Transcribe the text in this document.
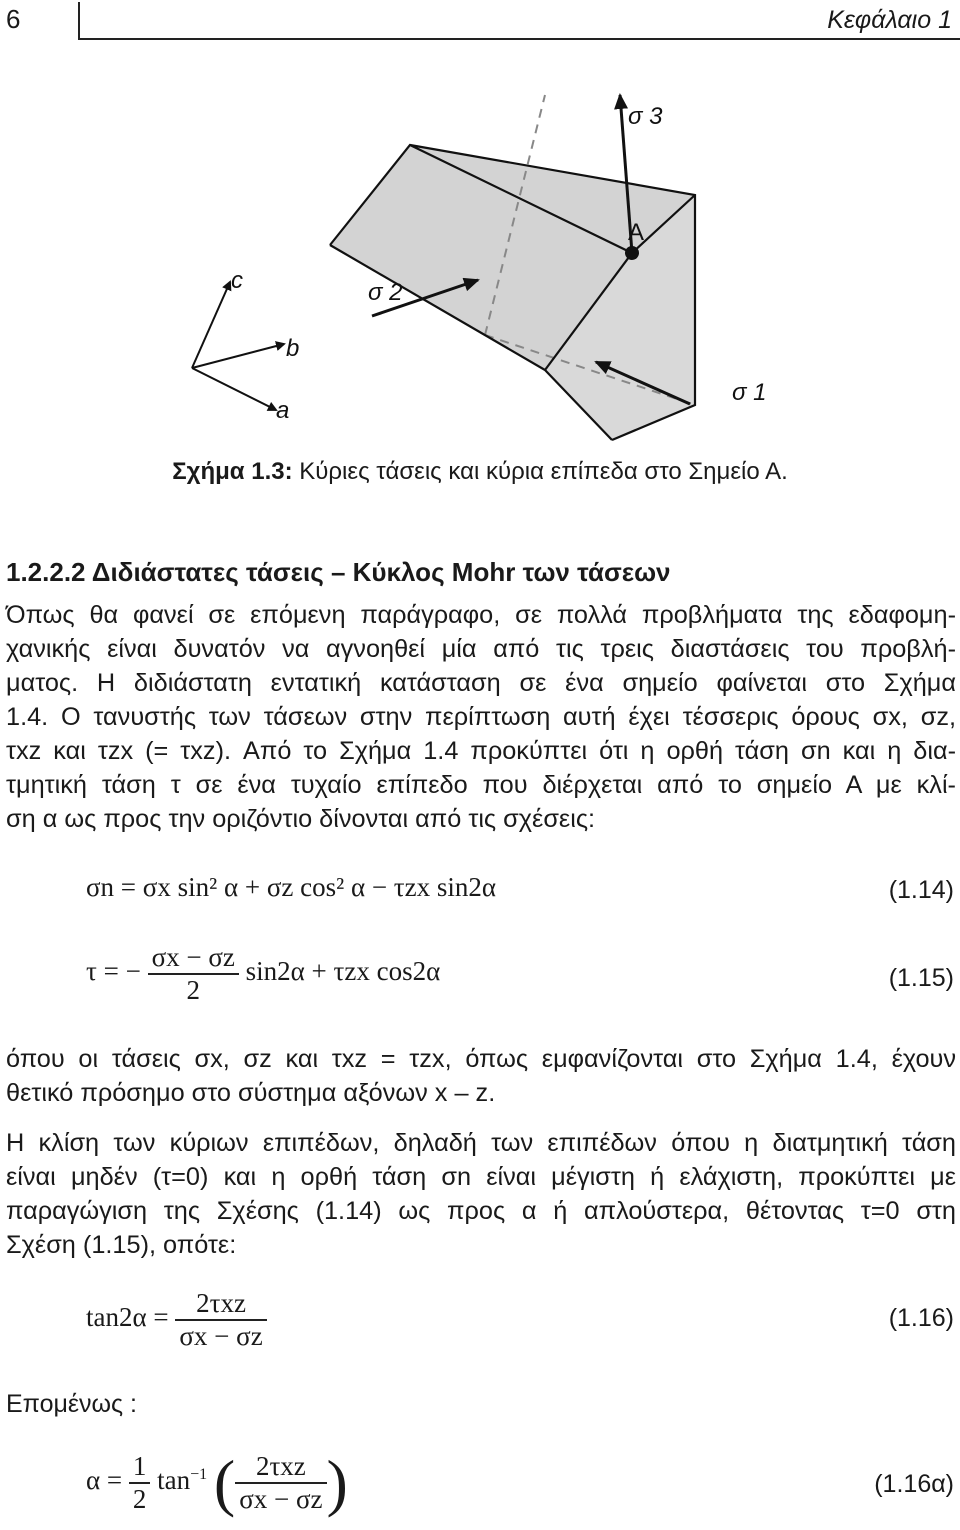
6	Κεφάλαιο 1
σ 3
A
c	σ 2
b
a
σ 1
Σχήμα 1.3: Κύριες τάσεις και κύρια επίπεδα στο Σημείο Α.
1.2.2.2 Διδιάστατες τάσεις – Κύκλος Mohr των τάσεων
Όπως θα φανεί σε επόμενη παράγραφο, σε πολλά προβλήματα της εδαφομη-
χανικής είναι δυνατόν να αγνοηθεί μία από τις τρεις διαστάσεις του προβλή-
ματος. Η διδιάστατη εντατική κατάσταση σε ένα σημείο φαίνεται στο Σχήμα
1.4. Ο τανυστής των τάσεων στην περίπτωση αυτή έχει τέσσερις όρους σx, σz,
τxz και τzx (= τxz). Από το Σχήμα 1.4 προκύπτει ότι η ορθή τάση σn και η δια-
τμητική τάση τ σε ένα τυχαίο επίπεδο που διέρχεται από το σημείο Α με κλί-
ση α ως προς την οριζόντιο δίνονται από τις σχέσεις:
σn = σx sin² α + σz cos² α − τzx sin2α	(1.14)
τ = − $\frac{\sigma x - \sigma z}{2} \sin 2\alpha + \tau zx$ cos2α	(1.15)
όπου οι τάσεις σx, σz και τxz = τzx, όπως εμφανίζονται στο Σχήμα 1.4, έχουν
θετικό πρόσημο στο σύστημα αξόνων x – z.
Η κλίση των κύριων επιπέδων, δηλαδή των επιπέδων όπου η διατμητική τάση
είναι μηδέν (τ=0) και η ορθή τάση σn είναι μέγιστη ή ελάχιστη, προκύπτει με
παραγώγιση της Σχέσης (1.14) ως προς α ή απλούστερα, θέτοντας τ=0 στη
Σχέση (1.15), οπότε:
$\tan 2\alpha = \frac{\text{2τxz}}{\sigma x - \sigma z}$	(1.16)
Επομένως :
$\alpha = \frac{1}{2} \tan^{-1}$ ( $\frac{\text{2τxz}}{\sigma x - \sigma z}$ )	(1.16α)
